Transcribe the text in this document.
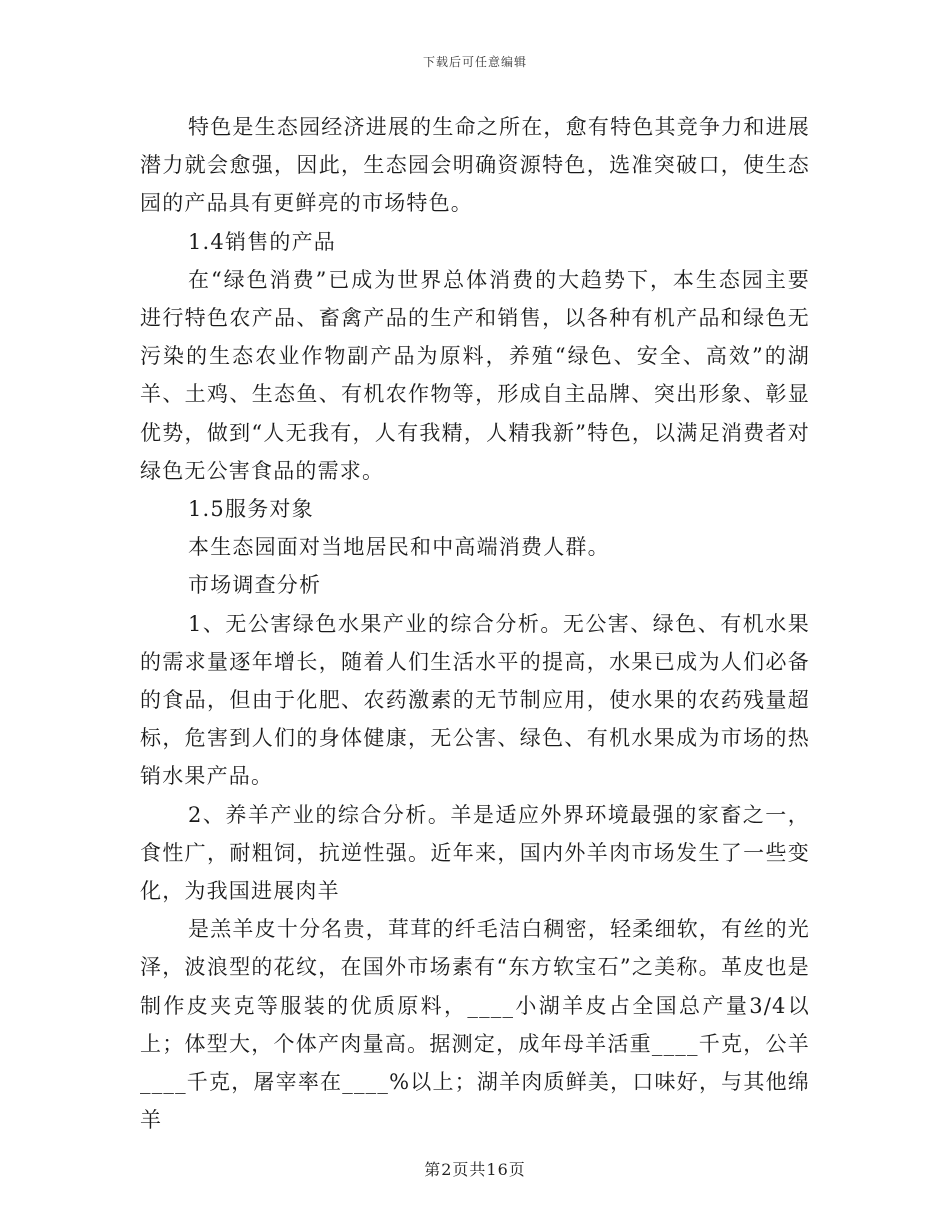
下载后可任意编辑

特色是生态园经济进展的生命之所在，愈有特色其竞争力和进展潜力就会愈强，因此，生态园会明确资源特色，选准突破口，使生态园的产品具有更鲜亮的市场特色。

1.4销售的产品

在“绿色消费”已成为世界总体消费的大趋势下，本生态园主要进行特色农产品、畜禽产品的生产和销售，以各种有机产品和绿色无污染的生态农业作物副产品为原料，养殖“绿色、安全、高效”的湖羊、土鸡、生态鱼、有机农作物等，形成自主品牌、突出形象、彰显优势，做到“人无我有，人有我精，人精我新”特色，以满足消费者对绿色无公害食品的需求。

1.5服务对象

本生态园面对当地居民和中高端消费人群。

市场调查分析

1、无公害绿色水果产业的综合分析。无公害、绿色、有机水果的需求量逐年增长，随着人们生活水平的提高，水果已成为人们必备的食品，但由于化肥、农药激素的无节制应用，使水果的农药残量超标，危害到人们的身体健康，无公害、绿色、有机水果成为市场的热销水果产品。

2、养羊产业的综合分析。羊是适应外界环境最强的家畜之一，食性广，耐粗饲，抗逆性强。近年来，国内外羊肉市场发生了一些变化，为我国进展肉羊

是羔羊皮十分名贵，茸茸的纤毛洁白稠密，轻柔细软，有丝的光泽，波浪型的花纹，在国外市场素有“东方软宝石”之美称。革皮也是制作皮夹克等服装的优质原料，____小湖羊皮占全国总产量3/4以上；体型大，个体产肉量高。据测定，成年母羊活重____千克，公羊____千克，屠宰率在____%以上；湖羊肉质鲜美，口味好，与其他绵羊

第2页共16页
